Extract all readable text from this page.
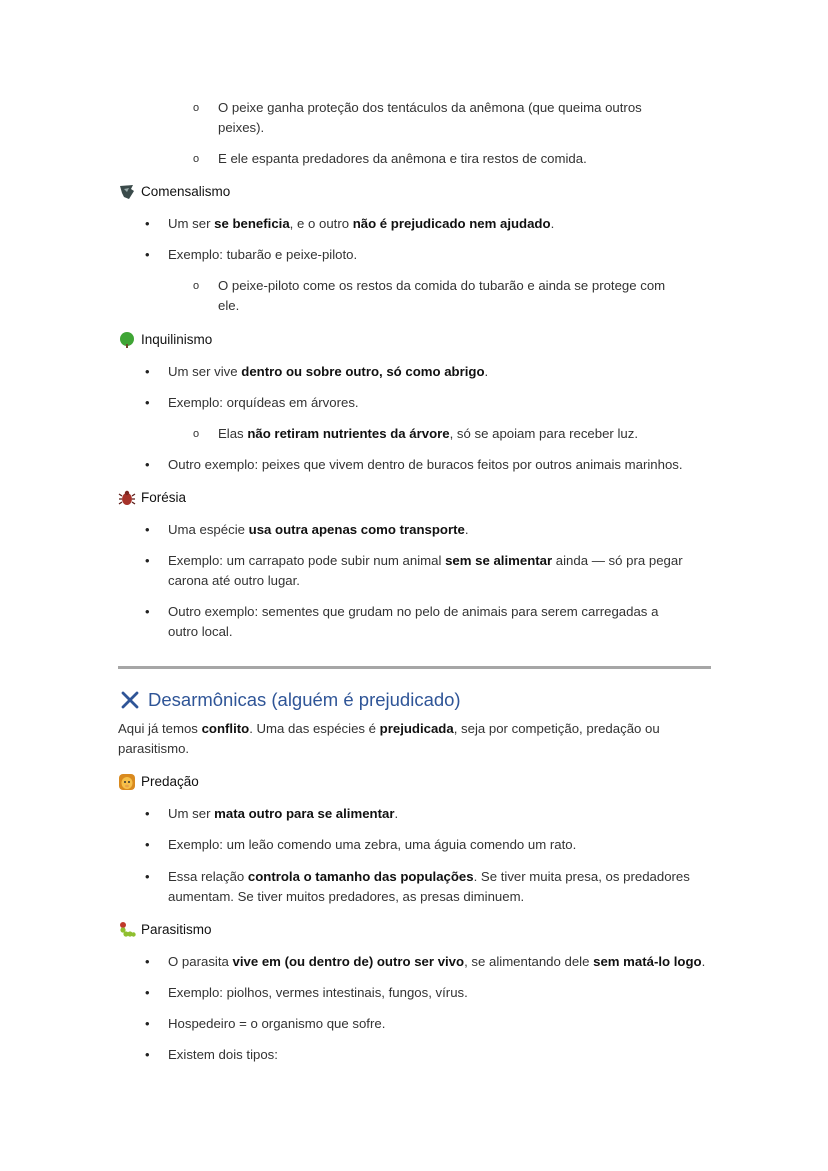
o O peixe ganha proteção dos tentáculos da anêmona (que queima outros
peixes).
o E ele espanta predadores da anêmona e tira restos de comida.
Comensalismo
• Um ser se beneficia, e o outro não é prejudicado nem ajudado.
• Exemplo: tubarão e peixe-piloto.
o O peixe-piloto come os restos da comida do tubarão e ainda se protege com
ele.
Inquilinismo
• Um ser vive dentro ou sobre outro, só como abrigo.
• Exemplo: orquídeas em árvores.
o Elas não retiram nutrientes da árvore, só se apoiam para receber luz.
• Outro exemplo: peixes que vivem dentro de buracos feitos por outros animais marinhos.
Forésia
• Uma espécie usa outra apenas como transporte.
• Exemplo: um carrapato pode subir num animal sem se alimentar ainda — só pra pegar
carona até outro lugar.
• Outro exemplo: sementes que grudam no pelo de animais para serem carregadas a
outro local.
Desarmônicas (alguém é prejudicado)
Aqui já temos conflito. Uma das espécies é prejudicada, seja por competição, predação ou
parasitismo.
Predação
• Um ser mata outro para se alimentar.
• Exemplo: um leão comendo uma zebra, uma águia comendo um rato.
• Essa relação controla o tamanho das populações. Se tiver muita presa, os predadores
aumentam. Se tiver muitos predadores, as presas diminuem.
Parasitismo
• O parasita vive em (ou dentro de) outro ser vivo, se alimentando dele sem matá-lo logo.
• Exemplo: piolhos, vermes intestinais, fungos, vírus.
• Hospedeiro = o organismo que sofre.
• Existem dois tipos:
